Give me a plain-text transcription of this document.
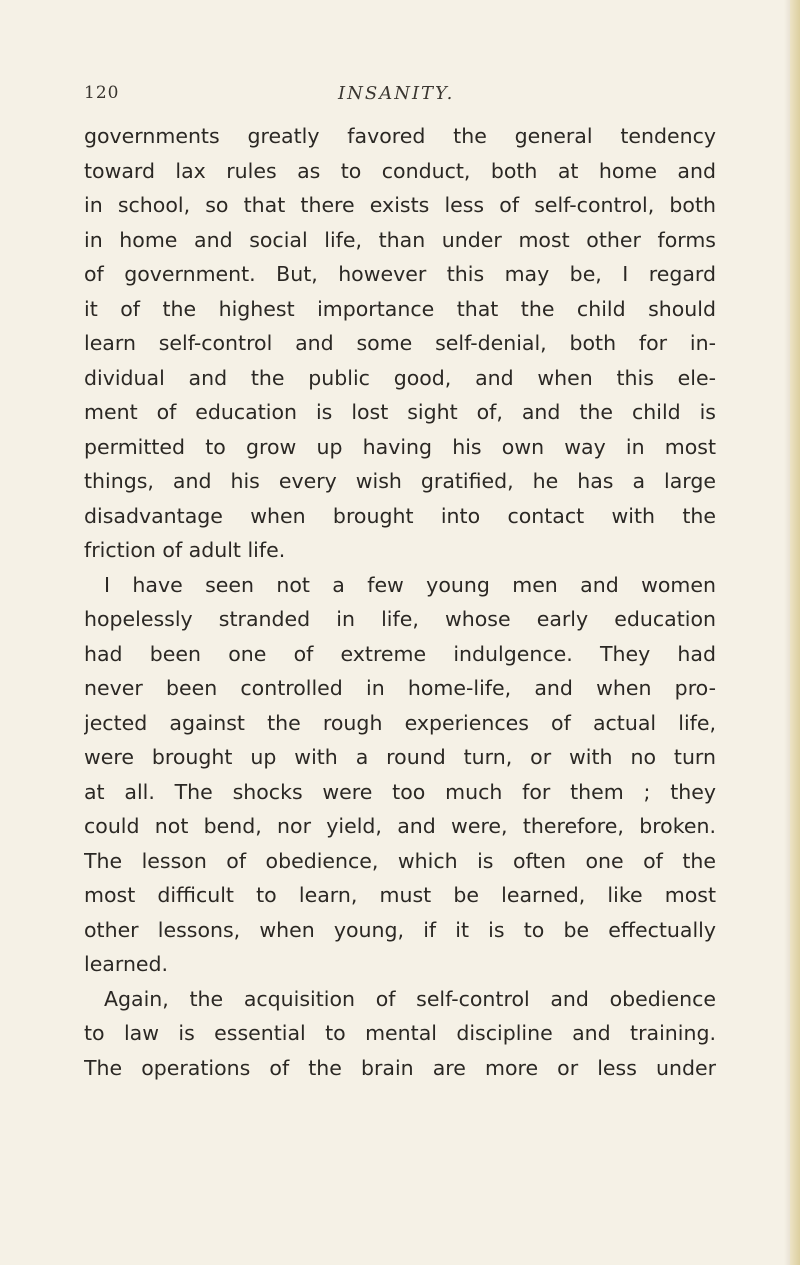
120	INSANITY.
governments greatly favored the general tendency
toward lax rules as to conduct, both at home and
in school, so that there exists less of self-control, both
in home and social life, than under most other forms
of government. But, however this may be, I regard
it of the highest importance that the child should
learn self-control and some self-denial, both for in-
dividual and the public good, and when this ele-
ment of education is lost sight of, and the child is
permitted to grow up having his own way in most
things, and his every wish gratified, he has a large
disadvantage when brought into contact with the
friction of adult life.
I have seen not a few young men and women
hopelessly stranded in life, whose early education
had been one of extreme indulgence. They had
never been controlled in home-life, and when pro-
jected against the rough experiences of actual life,
were brought up with a round turn, or with no turn
at all. The shocks were too much for them ; they
could not bend, nor yield, and were, therefore, broken.
The lesson of obedience, which is often one of the
most difficult to learn, must be learned, like most
other lessons, when young, if it is to be effectually
learned.
Again, the acquisition of self-control and obedience
to law is essential to mental discipline and training.
The operations of the brain are more or less under
